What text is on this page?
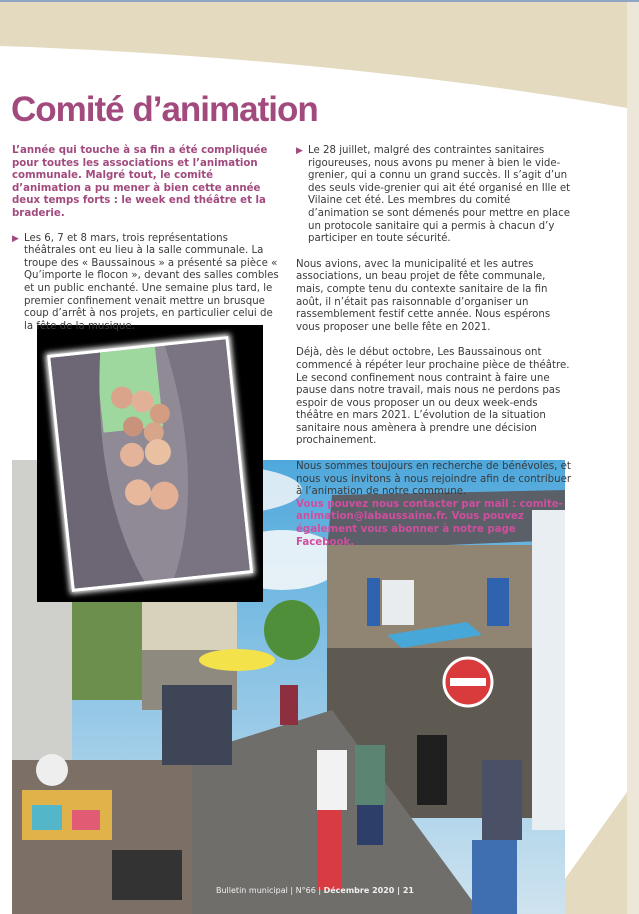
Comité d’animation

L’année qui touche à sa fin a été compliquée pour toutes les associations et l’animation communale. Malgré tout, le comité d’animation a pu mener à bien cette année deux temps forts : le week end théâtre et la braderie.

▶ Les 6, 7 et 8 mars, trois représentations théâtrales ont eu lieu à la salle communale. La troupe des « Baussainous » a présenté sa pièce « Qu’importe le flocon », devant des salles combles et un public enchanté. Une semaine plus tard, le premier confinement venait mettre un brusque coup d’arrêt à nos projets, en particulier celui de la fête de la musique.

▶ Le 28 juillet, malgré des contraintes sanitaires rigoureuses, nous avons pu mener à bien le vide-grenier, qui a connu un grand succès. Il s’agit d’un des seuls vide-grenier qui ait été organisé en Ille et Vilaine cet été. Les membres du comité d’animation se sont démenés pour mettre en place un protocole sanitaire qui a permis à chacun d’y participer en toute sécurité.

Nous avions, avec la municipalité et les autres associations, un beau projet de fête communale, mais, compte tenu du contexte sanitaire de la fin août, il n’était pas raisonnable d’organiser un rassemblement festif cette année. Nous espérons vous proposer une belle fête en 2021.

Déjà, dès le début octobre, Les Baussainous ont commencé à répéter leur prochaine pièce de théâtre. Le second confinement nous contraint à faire une pause dans notre travail, mais nous ne perdons pas espoir de vous proposer un ou deux week-ends théâtre en mars 2021. L’évolution de la situation sanitaire nous amènera à prendre une décision prochainement.

Nous sommes toujours en recherche de bénévoles, et nous vous invitons à nous rejoindre afin de contribuer à l’animation de notre commune.

Vous pouvez nous contacter par mail : comite-animation@labaussaine.fr. Vous pouvez également vous abonner à notre page Facebook.

Bulletin municipal | N°66 | Décembre 2020 | 21
